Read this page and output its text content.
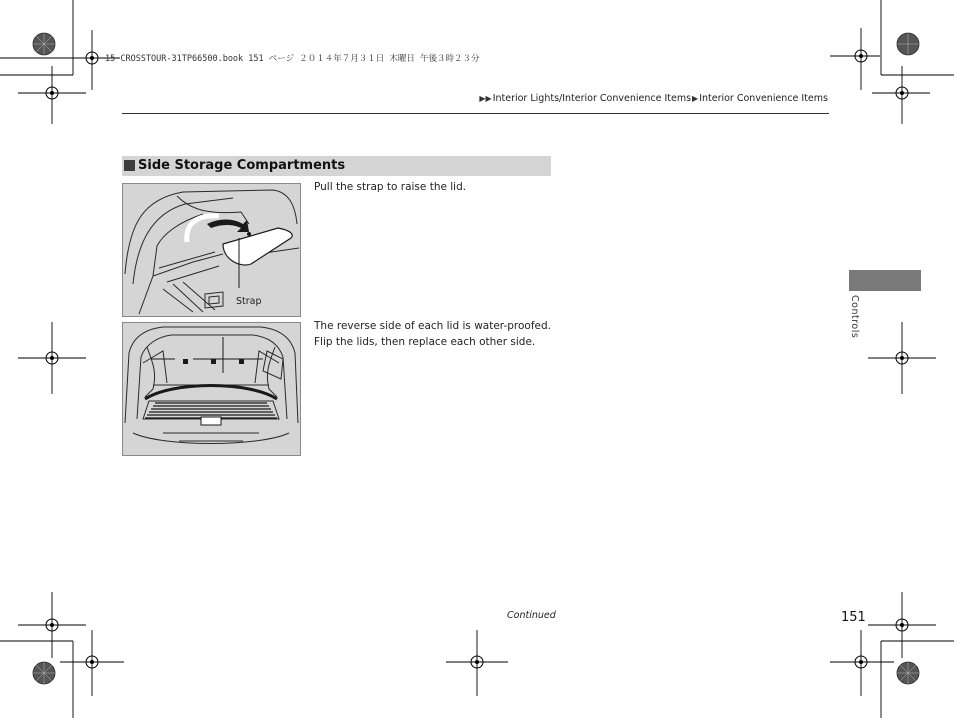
15 CROSSTOUR-31TP66500.book 151 ページ ２０１４年７月３１日 木曜日 午後３時２３分
▶▶Interior Lights/Interior Convenience Items▶Interior Convenience Items
Side Storage Compartments
Strap
Pull the strap to raise the lid.
The reverse side of each lid is water-proofed.
Flip the lids, then replace each other side.
Controls
Continued	151
